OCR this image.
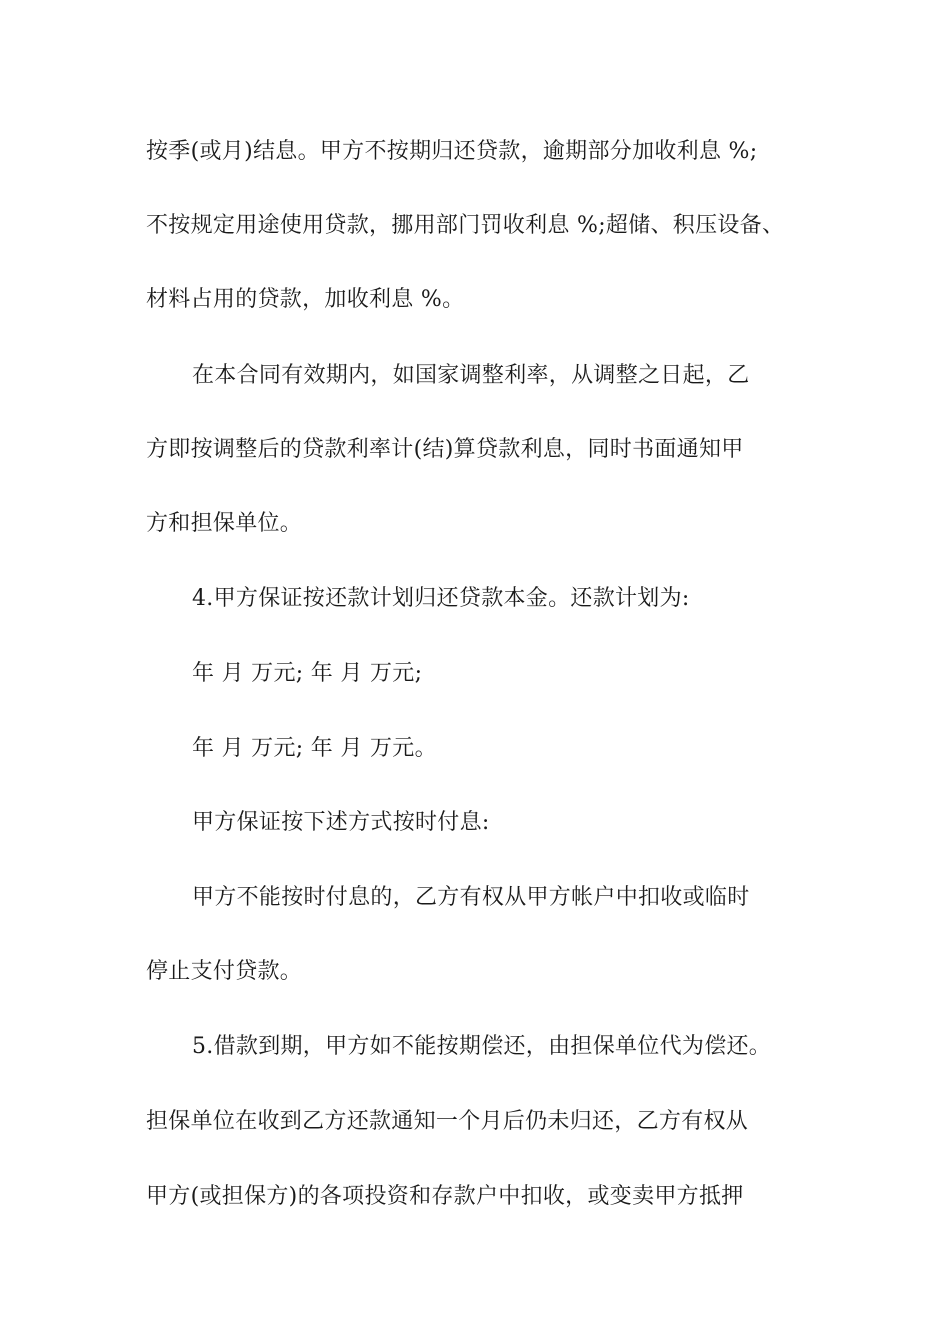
按季(或月)结息。甲方不按期归还贷款，逾期部分加收利息 %;
不按规定用途使用贷款，挪用部门罚收利息 %;超储、积压设备、
材料占用的贷款，加收利息 %。
在本合同有效期内，如国家调整利率，从调整之日起，乙
方即按调整后的贷款利率计(结)算贷款利息，同时书面通知甲
方和担保单位。
4.甲方保证按还款计划归还贷款本金。还款计划为:
年 月 万元; 年 月 万元;
年 月 万元; 年 月 万元。
甲方保证按下述方式按时付息:
甲方不能按时付息的，乙方有权从甲方帐户中扣收或临时
停止支付贷款。
5.借款到期，甲方如不能按期偿还，由担保单位代为偿还。
担保单位在收到乙方还款通知一个月后仍未归还，乙方有权从
甲方(或担保方)的各项投资和存款户中扣收，或变卖甲方抵押
